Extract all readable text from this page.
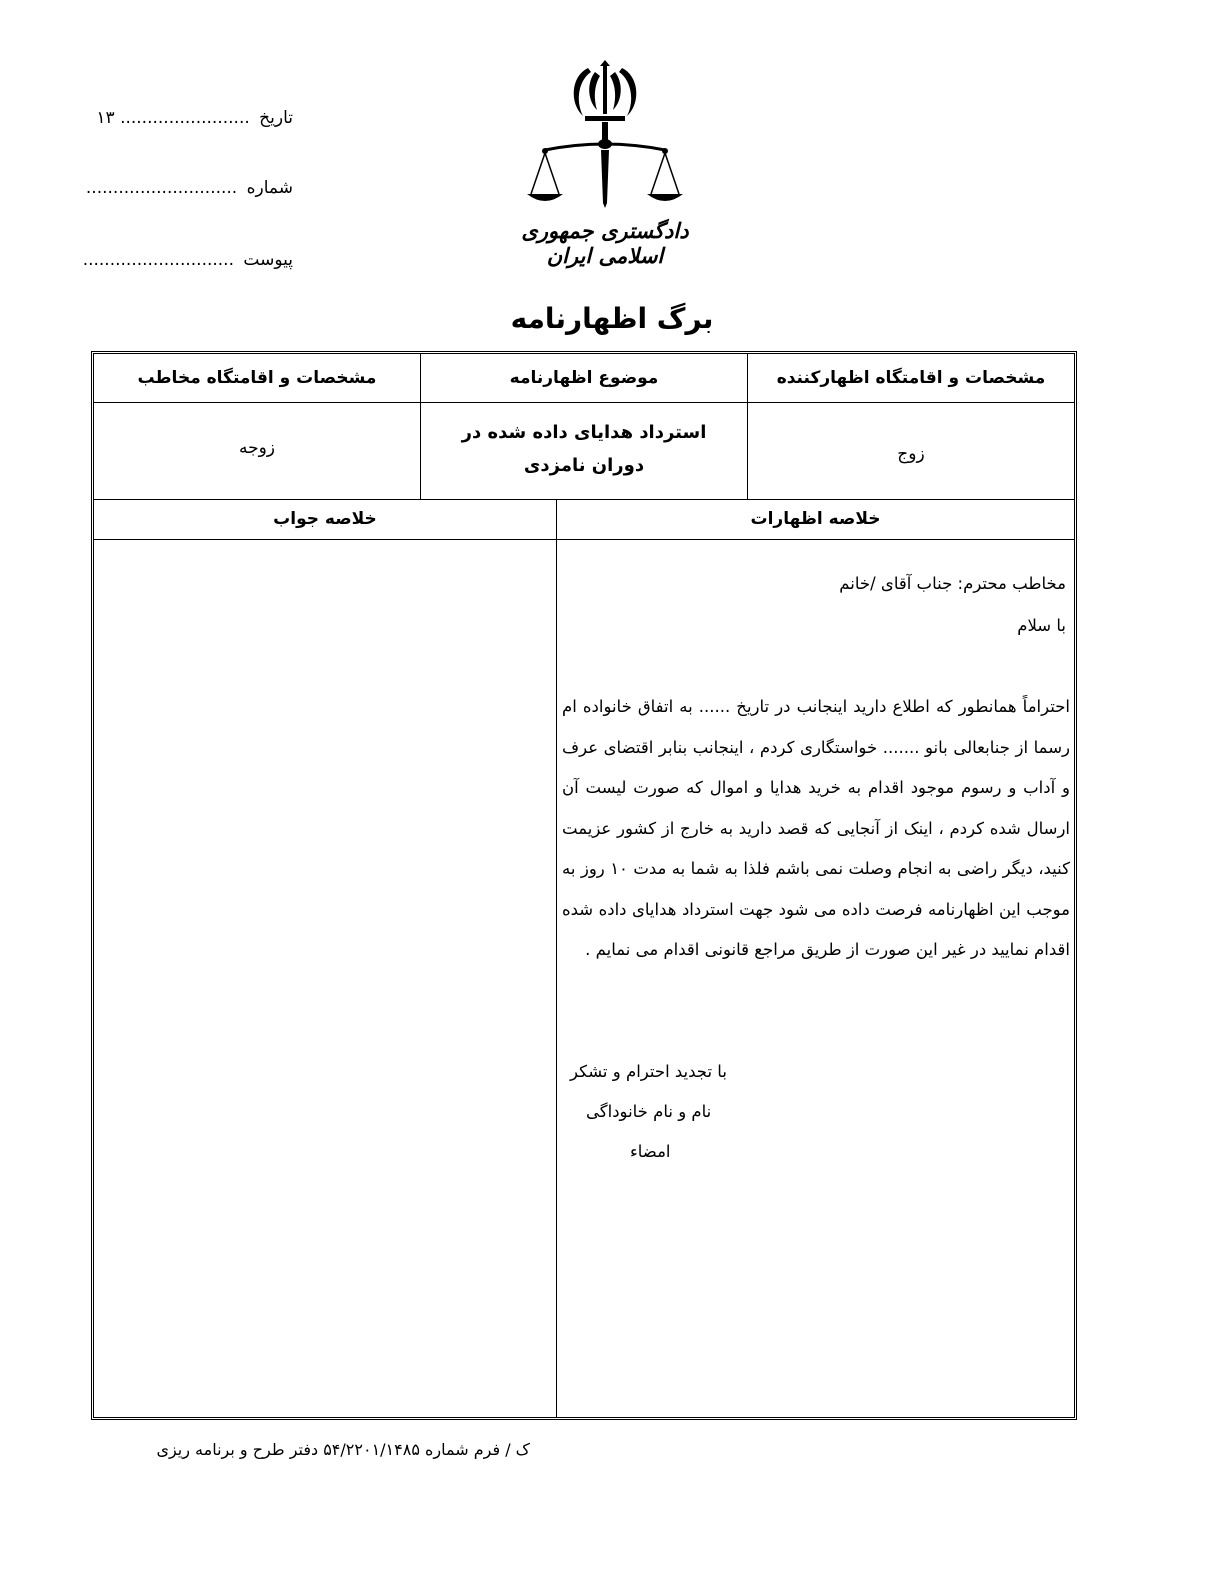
تاریخ ........................ ۱۳
شماره ............................
پیوست ............................
دادگستری جمهوری اسلامی ایران
برگ اظهارنامه
مشخصات و اقامتگاه اظهارکننده
موضوع اظهارنامه
مشخصات و اقامتگاه مخاطب
زوج
استرداد هدایای داده شده در دوران نامزدی
زوجه
خلاصه اظهارات
خلاصه جواب
مخاطب محترم: جناب آقای /خانم
با سلام

احتراماً همانطور که اطلاع دارید اینجانب در تاریخ ...... به اتفاق خانواده ام رسما از جنابعالی بانو ....... خواستگاری کردم ، اینجانب بنابر اقتضای عرف و آداب و رسوم موجود اقدام به خرید هدایا و اموال که صورت لیست آن ارسال شده کردم ، اینک از آنجایی که قصد دارید به خارج از کشور عزیمت کنید، دیگر راضی به انجام وصلت نمی باشم فلذا به شما به مدت ۱۰ روز به موجب این اظهارنامه فرصت داده می شود جهت استرداد هدایای داده شده اقدام نمایید در غیر این صورت از طریق مراجع قانونی اقدام می نمایم .

با تجدید احترام و تشکر
نام و نام خانوداگی
امضاء
ک / فرم شماره ۵۴/۲۲۰۱/۱۴۸۵ دفتر طرح و برنامه ریزی
